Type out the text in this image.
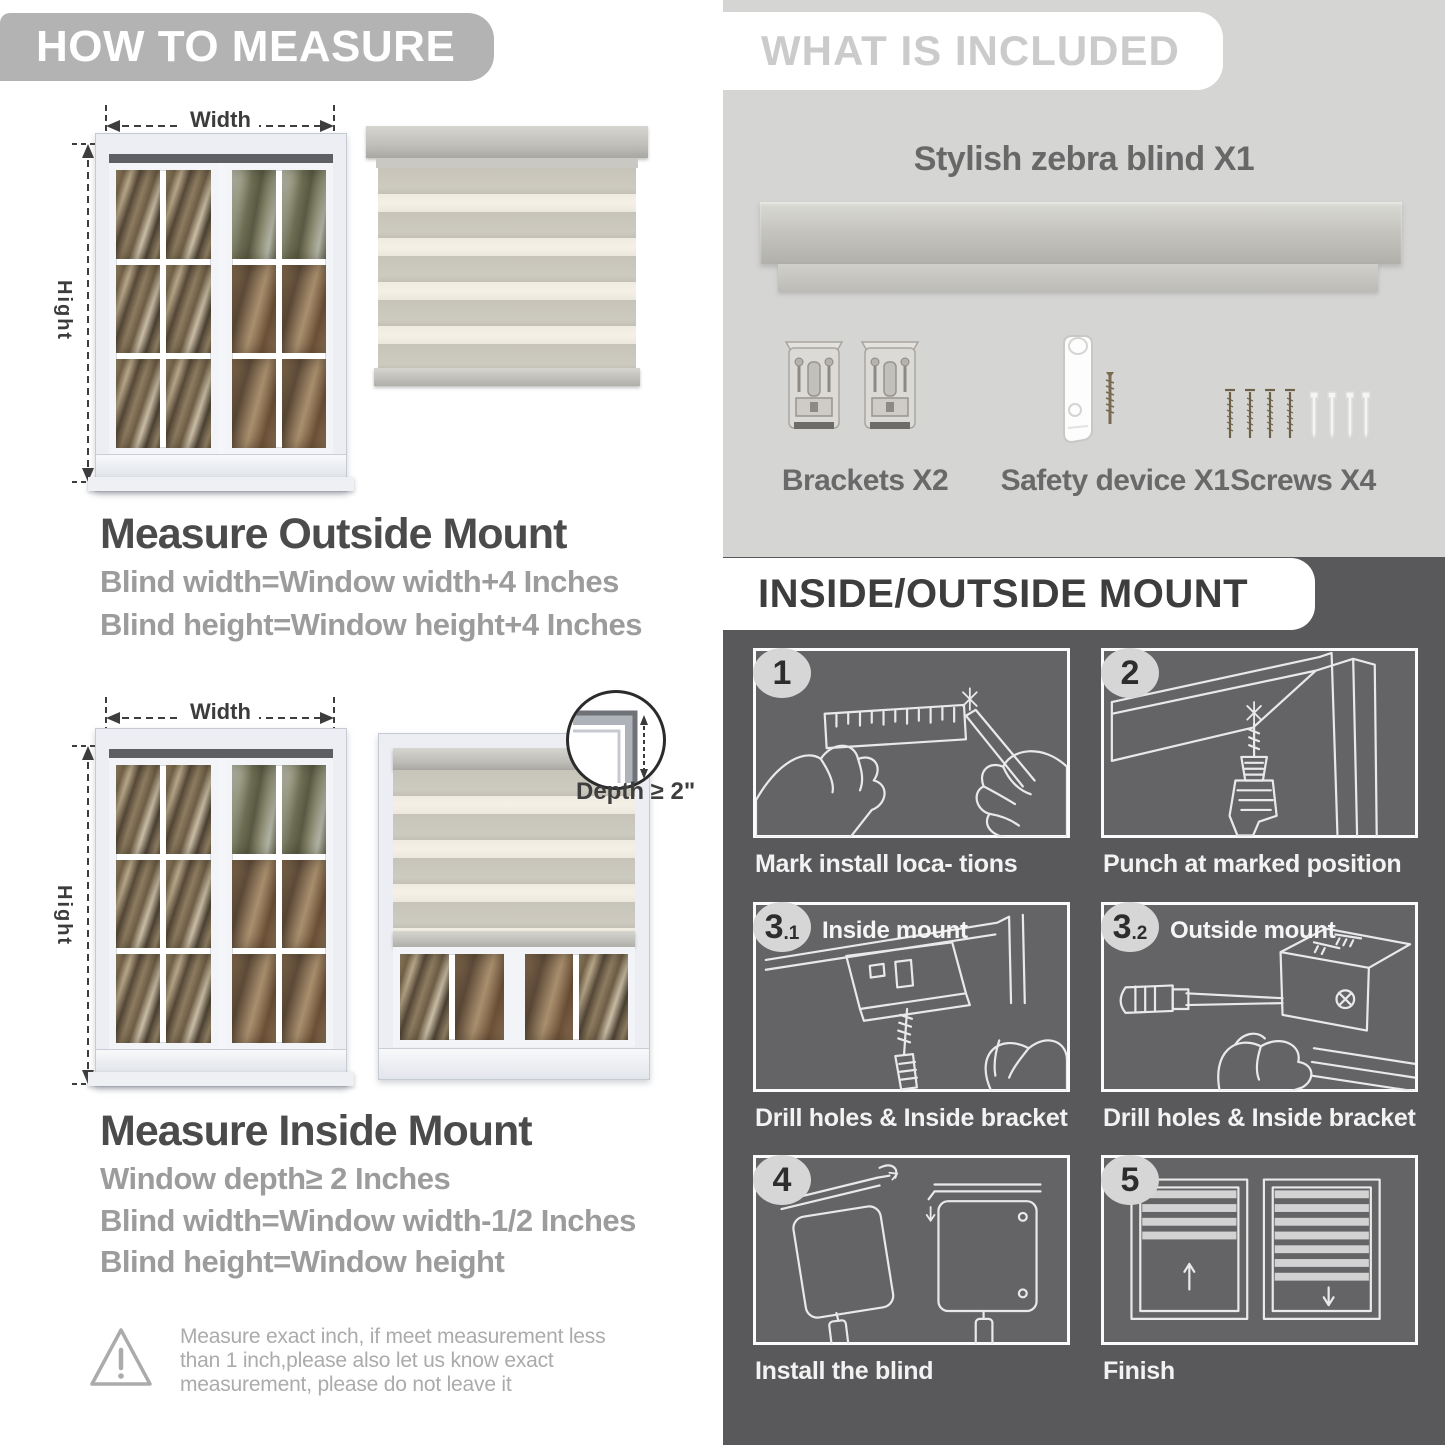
HOW TO MEASURE
Width
Hight
Measure Outside Mount
Blind width=Window width+4 Inches
Blind height=Window height+4 Inches
Width
Hight
Depth ≥ 2"
Measure Inside Mount
Window depth≥ 2 Inches
Blind width=Window width-1/2 Inches
Blind height=Window height
Measure exact inch, if meet measurement less
than 1 inch,please also let us know exact
measurement, please do not leave it
WHAT IS INCLUDED
Stylish zebra blind X1
Brackets X2	Safety device X1 Screws X4
INSIDE/OUTSIDE MOUNT
1
Mark install loca- tions
2
Punch at marked position
3 .1 Inside mount
Drill holes & Inside bracket
3 .2 Outside mount
Drill holes & Inside bracket
4
Install the blind
5
Finish
